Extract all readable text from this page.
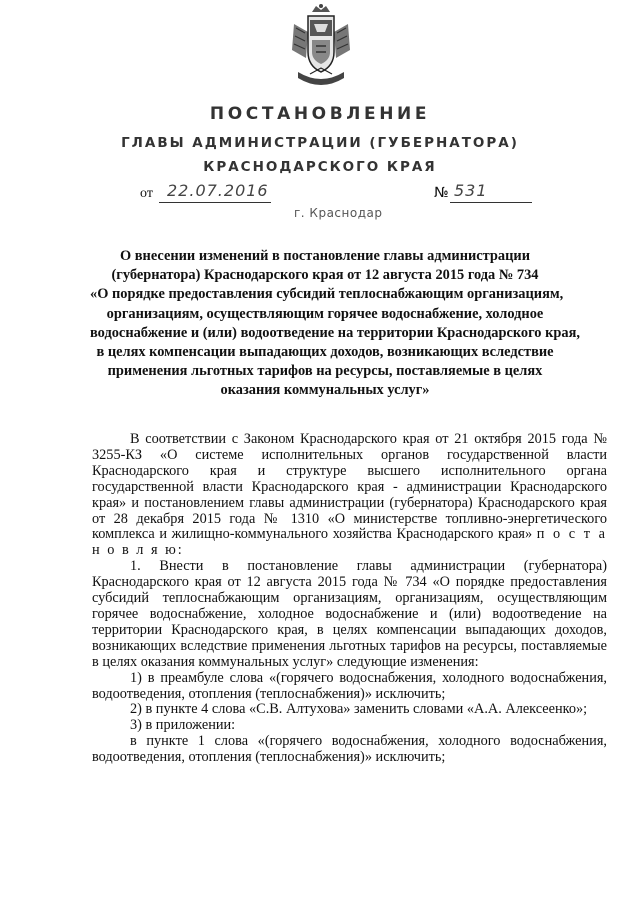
ПОСТАНОВЛЕНИЕ
ГЛАВЫ АДМИНИСТРАЦИИ (ГУБЕРНАТОРА)
КРАСНОДАРСКОГО КРАЯ
от 22.07.2016	№ 531
г. Краснодар
О внесении изменений в постановление главы администрации
(губернатора) Краснодарского края от 12 августа 2015 года № 734
«О порядке предоставления субсидий теплоснабжающим организациям,
организациям, осуществляющим горячее водоснабжение, холодное
водоснабжение и (или) водоотведение на территории Краснодарского края,
в целях компенсации выпадающих доходов, возникающих вследствие
применения льготных тарифов на ресурсы, поставляемые в целях
оказания коммунальных услуг»

В соответствии с Законом Краснодарского края от 21 октября 2015 года № 3255-КЗ «О системе исполнительных органов государственной власти Краснодарского края и структуре высшего исполнительного органа государственной власти Краснодарского края - администрации Краснодарского края» и постановлением главы администрации (губернатора) Краснодарского края от 28 декабря 2015 года № 1310 «О министерстве топливно-энергетического комплекса и жилищно-коммунального хозяйства Краснодарского края» п о с т а н о в л я ю:

1. Внести в постановление главы администрации (губернатора) Краснодарского края от 12 августа 2015 года № 734 «О порядке предоставления субсидий теплоснабжающим организациям, организациям, осуществляющим горячее водоснабжение, холодное водоснабжение и (или) водоотведение на территории Краснодарского края, в целях компенсации выпадающих доходов, возникающих вследствие применения льготных тарифов на ресурсы, поставляемые в целях оказания коммунальных услуг» следующие изменения:

1) в преамбуле слова «(горячего водоснабжения, холодного водоснабжения, водоотведения, отопления (теплоснабжения)» исключить;

2) в пункте 4 слова «С.В. Алтухова» заменить словами «А.А. Алексеенко»;

3) в приложении:

в пункте 1 слова «(горячего водоснабжения, холодного водоснабжения, водоотведения, отопления (теплоснабжения)» исключить;
